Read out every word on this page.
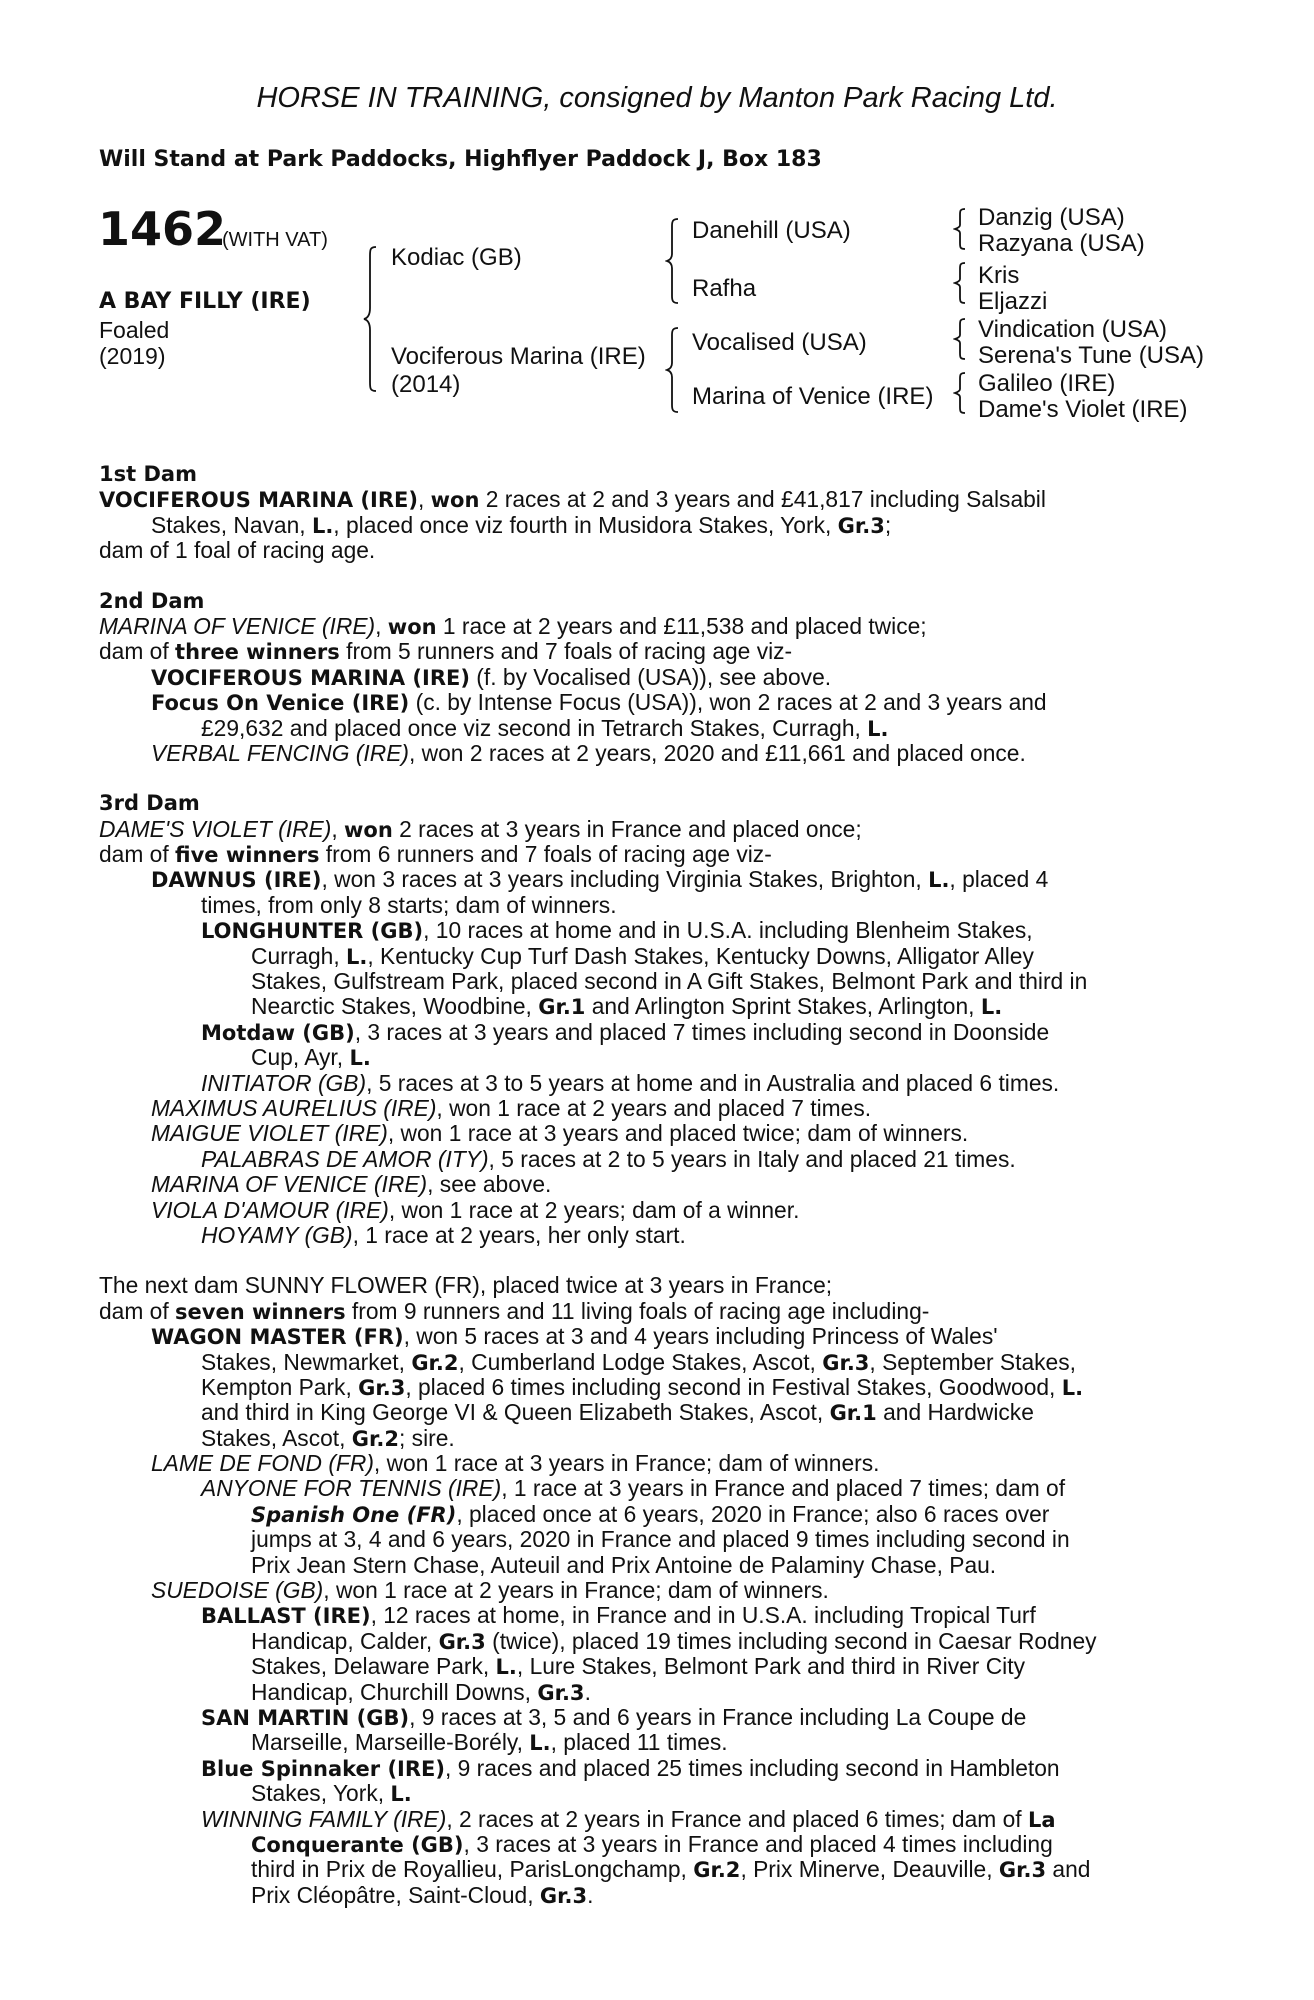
HORSE IN TRAINING, consigned by Manton Park Racing Ltd.
Will Stand at Park Paddocks, Highflyer Paddock J, Box 183
1462
(WITH VAT)
A BAY FILLY (IRE)
Foaled
(2019)
Kodiac (GB)
Vociferous Marina (IRE)
(2014)
Danehill (USA)
Rafha
Vocalised (USA)
Marina of Venice (IRE)
Danzig (USA)
Razyana (USA)
Kris
Eljazzi
Vindication (USA)
Serena's Tune (USA)
Galileo (IRE)
Dame's Violet (IRE)
1st Dam
VOCIFEROUS MARINA (IRE), won 2 races at 2 and 3 years and £41,817 including Salsabil
Stakes, Navan, L., placed once viz fourth in Musidora Stakes, York, Gr.3;
dam of 1 foal of racing age.
2nd Dam
MARINA OF VENICE (IRE), won 1 race at 2 years and £11,538 and placed twice;
dam of three winners from 5 runners and 7 foals of racing age viz-
VOCIFEROUS MARINA (IRE) (f. by Vocalised (USA)), see above.
Focus On Venice (IRE) (c. by Intense Focus (USA)), won 2 races at 2 and 3 years and
£29,632 and placed once viz second in Tetrarch Stakes, Curragh, L.
VERBAL FENCING (IRE), won 2 races at 2 years, 2020 and £11,661 and placed once.
3rd Dam
DAME'S VIOLET (IRE), won 2 races at 3 years in France and placed once;
dam of five winners from 6 runners and 7 foals of racing age viz-
DAWNUS (IRE), won 3 races at 3 years including Virginia Stakes, Brighton, L., placed 4
times, from only 8 starts; dam of winners.
LONGHUNTER (GB), 10 races at home and in U.S.A. including Blenheim Stakes,
Curragh, L., Kentucky Cup Turf Dash Stakes, Kentucky Downs, Alligator Alley
Stakes, Gulfstream Park, placed second in A Gift Stakes, Belmont Park and third in
Nearctic Stakes, Woodbine, Gr.1 and Arlington Sprint Stakes, Arlington, L.
Motdaw (GB), 3 races at 3 years and placed 7 times including second in Doonside
Cup, Ayr, L.
INITIATOR (GB), 5 races at 3 to 5 years at home and in Australia and placed 6 times.
MAXIMUS AURELIUS (IRE), won 1 race at 2 years and placed 7 times.
MAIGUE VIOLET (IRE), won 1 race at 3 years and placed twice; dam of winners.
PALABRAS DE AMOR (ITY), 5 races at 2 to 5 years in Italy and placed 21 times.
MARINA OF VENICE (IRE), see above.
VIOLA D'AMOUR (IRE), won 1 race at 2 years; dam of a winner.
HOYAMY (GB), 1 race at 2 years, her only start.
The next dam SUNNY FLOWER (FR), placed twice at 3 years in France;
dam of seven winners from 9 runners and 11 living foals of racing age including-
WAGON MASTER (FR), won 5 races at 3 and 4 years including Princess of Wales'
Stakes, Newmarket, Gr.2, Cumberland Lodge Stakes, Ascot, Gr.3, September Stakes,
Kempton Park, Gr.3, placed 6 times including second in Festival Stakes, Goodwood, L.
and third in King George VI & Queen Elizabeth Stakes, Ascot, Gr.1 and Hardwicke
Stakes, Ascot, Gr.2; sire.
LAME DE FOND (FR), won 1 race at 3 years in France; dam of winners.
ANYONE FOR TENNIS (IRE), 1 race at 3 years in France and placed 7 times; dam of
Spanish One (FR), placed once at 6 years, 2020 in France; also 6 races over
jumps at 3, 4 and 6 years, 2020 in France and placed 9 times including second in
Prix Jean Stern Chase, Auteuil and Prix Antoine de Palaminy Chase, Pau.
SUEDOISE (GB), won 1 race at 2 years in France; dam of winners.
BALLAST (IRE), 12 races at home, in France and in U.S.A. including Tropical Turf
Handicap, Calder, Gr.3 (twice), placed 19 times including second in Caesar Rodney
Stakes, Delaware Park, L., Lure Stakes, Belmont Park and third in River City
Handicap, Churchill Downs, Gr.3.
SAN MARTIN (GB), 9 races at 3, 5 and 6 years in France including La Coupe de
Marseille, Marseille-Borély, L., placed 11 times.
Blue Spinnaker (IRE), 9 races and placed 25 times including second in Hambleton
Stakes, York, L.
WINNING FAMILY (IRE), 2 races at 2 years in France and placed 6 times; dam of La
Conquerante (GB), 3 races at 3 years in France and placed 4 times including
third in Prix de Royallieu, ParisLongchamp, Gr.2, Prix Minerve, Deauville, Gr.3 and
Prix Cléopâtre, Saint-Cloud, Gr.3.
